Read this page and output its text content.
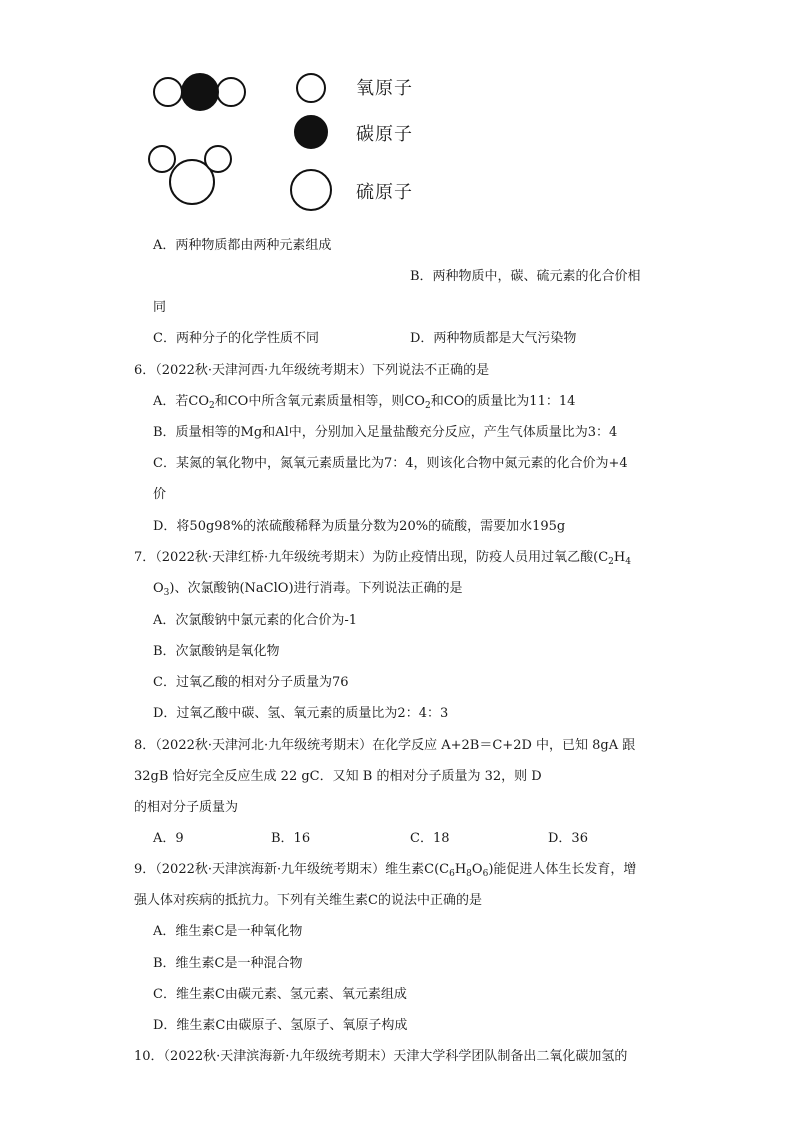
氧原子
碳原子
硫原子
A．两种物质都由两种元素组成
B．两种物质中，碳、硫元素的化合价相
同
C．两种分子的化学性质不同	D．两种物质都是大气污染物
6．（2022秋·天津河西·九年级统考期末）下列说法不正确的是
A．若$CO_2$和CO中所含氧元素质量相等，则$CO_2$和CO的质量比为11：14
B．质量相等的Mg和Al中，分别加入足量盐酸充分反应，产生气体质量比为3：4
C．某氮的氧化物中，氮氧元素质量比为7：4，则该化合物中氮元素的化合价为+4
价
D．将50g98%的浓硫酸稀释为质量分数为20%的硫酸，需要加水195g
7．（2022秋·天津红桥·九年级统考期末）为防止疫情出现，防疫人员用过氧乙酸($C_2H_4$
$O_3$)、次氯酸钠(NaClO)进行消毒。下列说法正确的是
A．次氯酸钠中氯元素的化合价为-1
B．次氯酸钠是氧化物
C．过氧乙酸的相对分子质量为76
D．过氧乙酸中碳、氢、氧元素的质量比为2：4：3
8．（2022秋·天津河北·九年级统考期末）在化学反应 A+2B＝C+2D 中，已知 8gA 跟
32gB 恰好完全反应生成 22 gC．又知 B 的相对分子质量为 32，则 D
的相对分子质量为
A．9	B．16	C．18	D．36
9．（2022秋·天津滨海新·九年级统考期末）维生素$C(C_6H_8O_6)$能促进人体生长发育，增
强人体对疾病的抵抗力。下列有关维生素C的说法中正确的是
A．维生素C是一种氧化物
B．维生素C是一种混合物
C．维生素C由碳元素、氢元素、氧元素组成
D．维生素C由碳原子、氢原子、氧原子构成
10．（2022秋·天津滨海新·九年级统考期末）天津大学科学团队制备出二氧化碳加氢的
